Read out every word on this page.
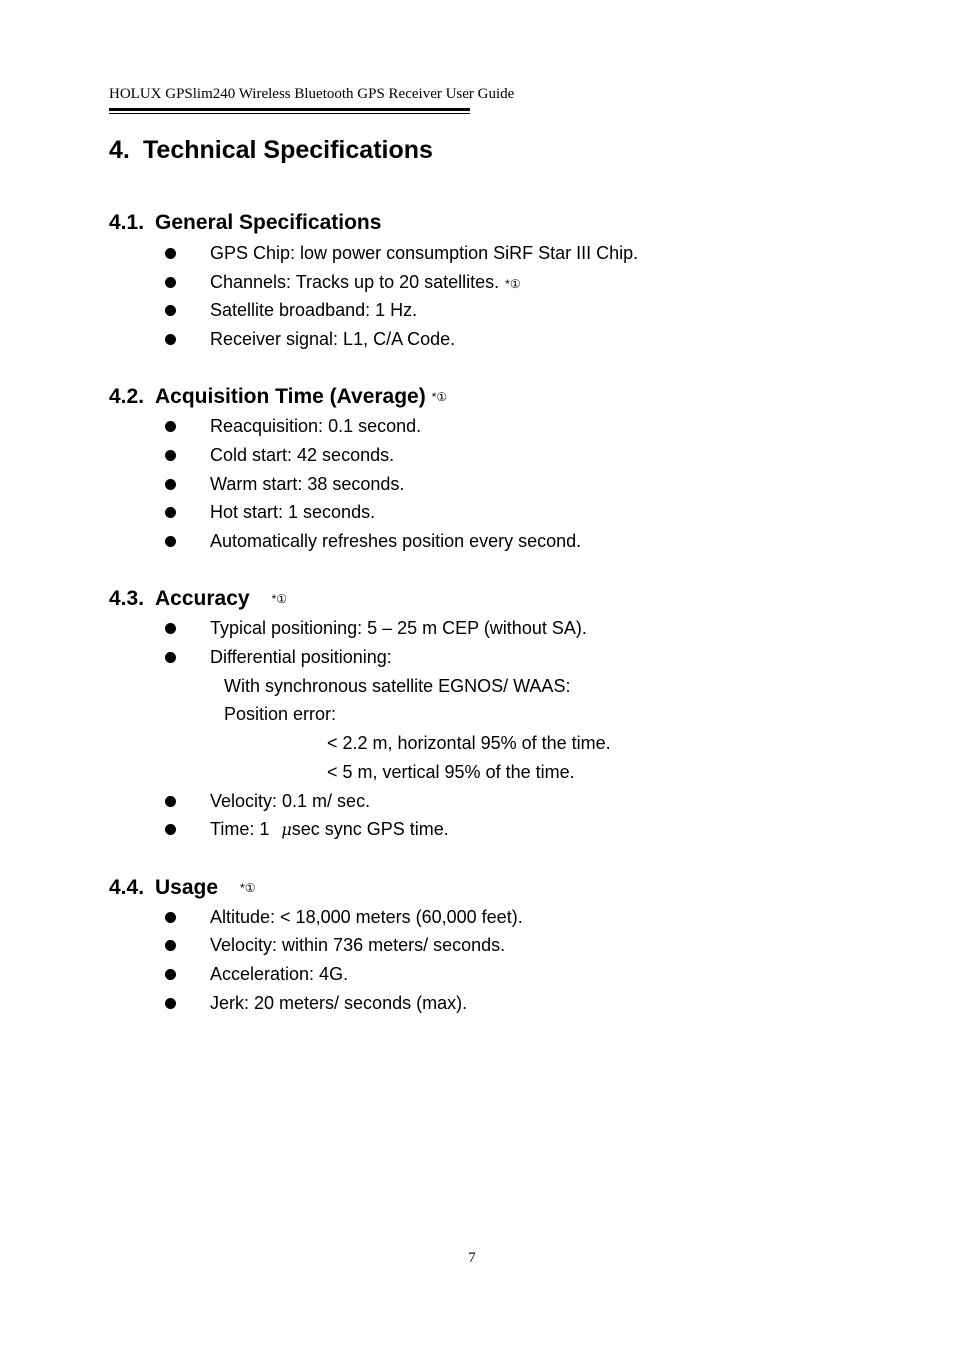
HOLUX GPSlim240 Wireless Bluetooth GPS Receiver User Guide
4. Technical Specifications
4.1. General Specifications
GPS Chip: low power consumption SiRF Star III Chip.
Channels: Tracks up to 20 satellites. *①
Satellite broadband: 1 Hz.
Receiver signal: L1, C/A Code.
4.2. Acquisition Time (Average) *①
Reacquisition: 0.1 second.
Cold start: 42 seconds.
Warm start: 38 seconds.
Hot start: 1 seconds.
Automatically refreshes position every second.
4.3. Accuracy *①
Typical positioning: 5 – 25 m CEP (without SA).
Differential positioning:
With synchronous satellite EGNOS/ WAAS:
Position error:
< 2.2 m, horizontal 95% of the time.
< 5 m, vertical 95% of the time.
Velocity: 0.1 m/ sec.
Time: 1 μsec sync GPS time.
4.4. Usage *①
Altitude: < 18,000 meters (60,000 feet).
Velocity: within 736 meters/ seconds.
Acceleration: 4G.
Jerk: 20 meters/ seconds (max).
7
